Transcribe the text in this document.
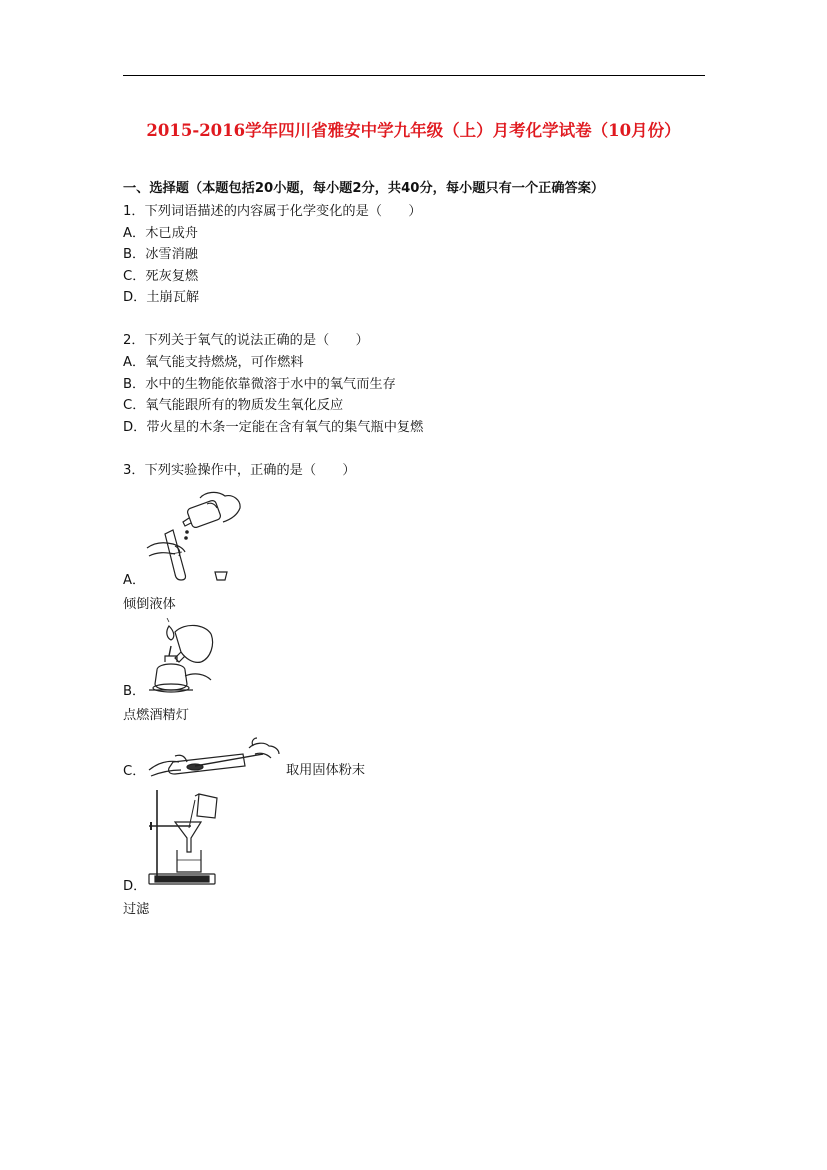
2015-2016学年四川省雅安中学九年级（上）月考化学试卷（10月份）
一、选择题（本题包括20小题，每小题2分，共40分，每小题只有一个正确答案）
1．下列词语描述的内容属于化学变化的是（　　）
A．木已成舟
B．冰雪消融
C．死灰复燃
D．土崩瓦解
2．下列关于氧气的说法正确的是（　　）
A．氧气能支持燃烧，可作燃料
B．水中的生物能依靠微溶于水中的氧气而生存
C．氧气能跟所有的物质发生氧化反应
D．带火星的木条一定能在含有氧气的集气瓶中复燃
3．下列实验操作中，正确的是（　　）
A．
倾倒液体
B．
点燃酒精灯
C．	取用固体粉末
D．
过滤
